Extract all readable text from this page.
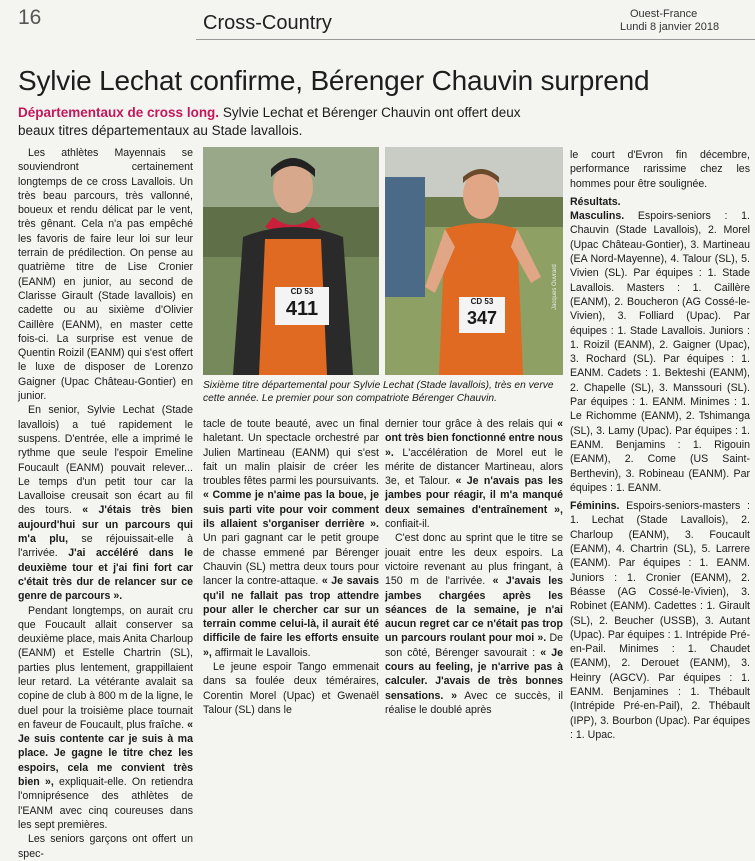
16	Cross-Country	Ouest-France
Lundi 8 janvier 2018
Sylvie Lechat confirme, Bérenger Chauvin surprend
Départementaux de cross long. Sylvie Lechat et Bérenger Chauvin ont offert deux beaux titres départementaux au Stade lavallois.

Les athlètes Mayennais se souviendront certainement longtemps de ce cross Lavallois. Un très beau parcours, très vallonné, boueux et rendu délicat par le vent, très gênant. Cela n'a pas empêché les favoris de faire leur loi sur leur terrain de prédilection. On pense au quatrième titre de Lise Cronier (EANM) en junior, au second de Clarisse Girault (Stade lavallois) en cadette ou au sixième d'Olivier Caillère (EANM), en master cette fois-ci. La surprise est venue de Quentin Roizil (EANM) qui s'est offert le luxe de disposer de Lorenzo Gaigner (Upac Château-Gontier) en junior.

En senior, Sylvie Lechat (Stade lavallois) a tué rapidement le suspens. D'entrée, elle a imprimé le rythme que seule l'espoir Emeline Foucault (EANM) pouvait relever... Le temps d'un petit tour car la Lavalloise creusait son écart au fil des tours. « J'étais très bien aujourd'hui sur un parcours qui m'a plu, se réjouissait-elle à l'arrivée. J'ai accéléré dans le deuxième tour et j'ai fini fort car c'était très dur de relancer sur ce genre de parcours ».

Pendant longtemps, on aurait cru que Foucault allait conserver sa deuxième place, mais Anita Charloup (EANM) et Estelle Chartrin (SL), parties plus lentement, grappillaient leur retard. La vétérante avalait sa copine de club à 800 m de la ligne, le duel pour la troisième place tournait en faveur de Foucault, plus fraîche. « Je suis contente car je suis à ma place. Je gagne le titre chez les espoirs, cela me convient très bien », expliquait-elle. On retiendra l'omniprésence des athlètes de l'EANM avec cinq coureuses dans les sept premières.

Les seniors garçons ont offert un spec-

CD 53
411	CD 53
347
Jacques Ouvrard
Sixième titre départemental pour Sylvie Lechat (Stade lavallois), très en verve cette année. Le premier pour son compatriote Bérenger Chauvin.

tacle de toute beauté, avec un final haletant. Un spectacle orchestré par Julien Martineau (EANM) qui s'est fait un malin plaisir de créer les troubles fêtes parmi les poursuivants. « Comme je n'aime pas la boue, je suis parti vite pour voir comment ils allaient s'organiser derrière ». Un pari gagnant car le petit groupe de chasse emmené par Bérenger Chauvin (SL) mettra deux tours pour lancer la contre-attaque. « Je savais qu'il ne fallait pas trop attendre pour aller le chercher car sur un terrain comme celui-là, il aurait été difficile de faire les efforts ensuite », affirmait le Lavallois.

Le jeune espoir Tango emmenait dans sa foulée deux téméraires, Corentin Morel (Upac) et Gwenaël Talour (SL) dans le

dernier tour grâce à des relais qui « ont très bien fonctionné entre nous ». L'accélération de Morel eut le mérite de distancer Martineau, alors 3e, et Talour. « Je n'avais pas les jambes pour réagir, il m'a manqué deux semaines d'entraînement », confiait-il.

C'est donc au sprint que le titre se jouait entre les deux espoirs. La victoire revenant au plus fringant, à 150 m de l'arrivée. « J'avais les jambes chargées après les séances de la semaine, je n'ai aucun regret car ce n'était pas trop un parcours roulant pour moi ». De son côté, Bérenger savourait : « Je cours au feeling, je n'arrive pas à calculer. J'avais de très bonnes sensations. » Avec ce succès, il réalise le doublé après

le court d'Evron fin décembre, performance rarissime chez les hommes pour être soulignée.

Résultats.

Masculins. Espoirs-seniors : 1. Chauvin (Stade Lavallois), 2. Morel (Upac Château-Gontier), 3. Martineau (EA Nord-Mayenne), 4. Talour (SL), 5. Vivien (SL). Par équipes : 1. Stade Lavallois. Masters : 1. Caillère (EANM), 2. Boucheron (AG Cossé-le-Vivien), 3. Folliard (Upac). Par équipes : 1. Stade Lavallois. Juniors : 1. Roizil (EANM), 2. Gaigner (Upac), 3. Rochard (SL). Par équipes : 1. EANM. Cadets : 1. Bekteshi (EANM), 2. Chapelle (SL), 3. Manssouri (SL). Par équipes : 1. EANM. Minimes : 1. Le Richomme (EANM), 2. Tshimanga (SL), 3. Lamy (Upac). Par équipes : 1. EANM. Benjamins : 1. Rigouin (EANM), 2. Come (US Saint-Berthevin), 3. Robineau (EANM). Par équipes : 1. EANM.

Féminins. Espoirs-seniors-masters : 1. Lechat (Stade Lavallois), 2. Charloup (EANM), 3. Foucault (EANM), 4. Chartrin (SL), 5. Larrere (EANM). Par équipes : 1. EANM. Juniors : 1. Cronier (EANM), 2. Béasse (AG Cossé-le-Vivien), 3. Robinet (EANM). Cadettes : 1. Girault (SL), 2. Beucher (USSB), 3. Autant (Upac). Par équipes : 1. Intrépide Pré-en-Pail. Minimes : 1. Chaudet (EANM), 2. Derouet (EANM), 3. Heinry (AGCV). Par équipes : 1. EANM. Benjamines : 1. Thébault (Intrépide Pré-en-Pail), 2. Thébault (IPP), 3. Bourbon (Upac). Par équipes : 1. Upac.
